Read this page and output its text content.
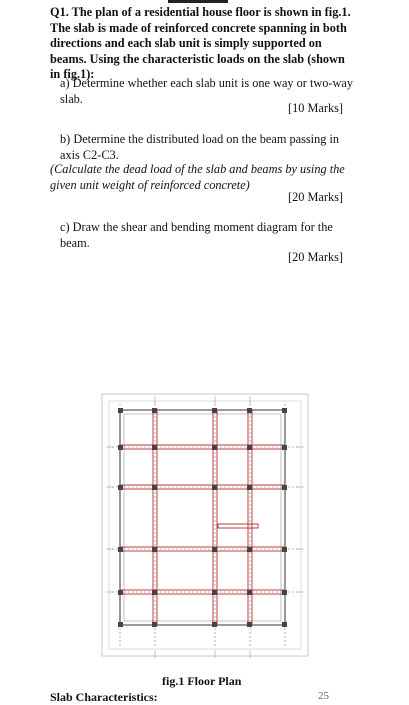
Q1. The plan of a residential house floor is shown in fig.1. The slab is made of reinforced concrete spanning in both directions and each slab unit is simply supported on beams. Using the characteristic loads on the slab (shown in fig.1):
a) Determine whether each slab unit is one way or two-way slab.
[10 Marks]
b) Determine the distributed load on the beam passing in axis C2-C3.
(Calculate the dead load of the slab and beams by using the given unit weight of reinforced concrete)
[20 Marks]
c) Draw the shear and bending moment diagram for the beam.
[20 Marks]
fig.1 Floor Plan
Slab Characteristics:	25
